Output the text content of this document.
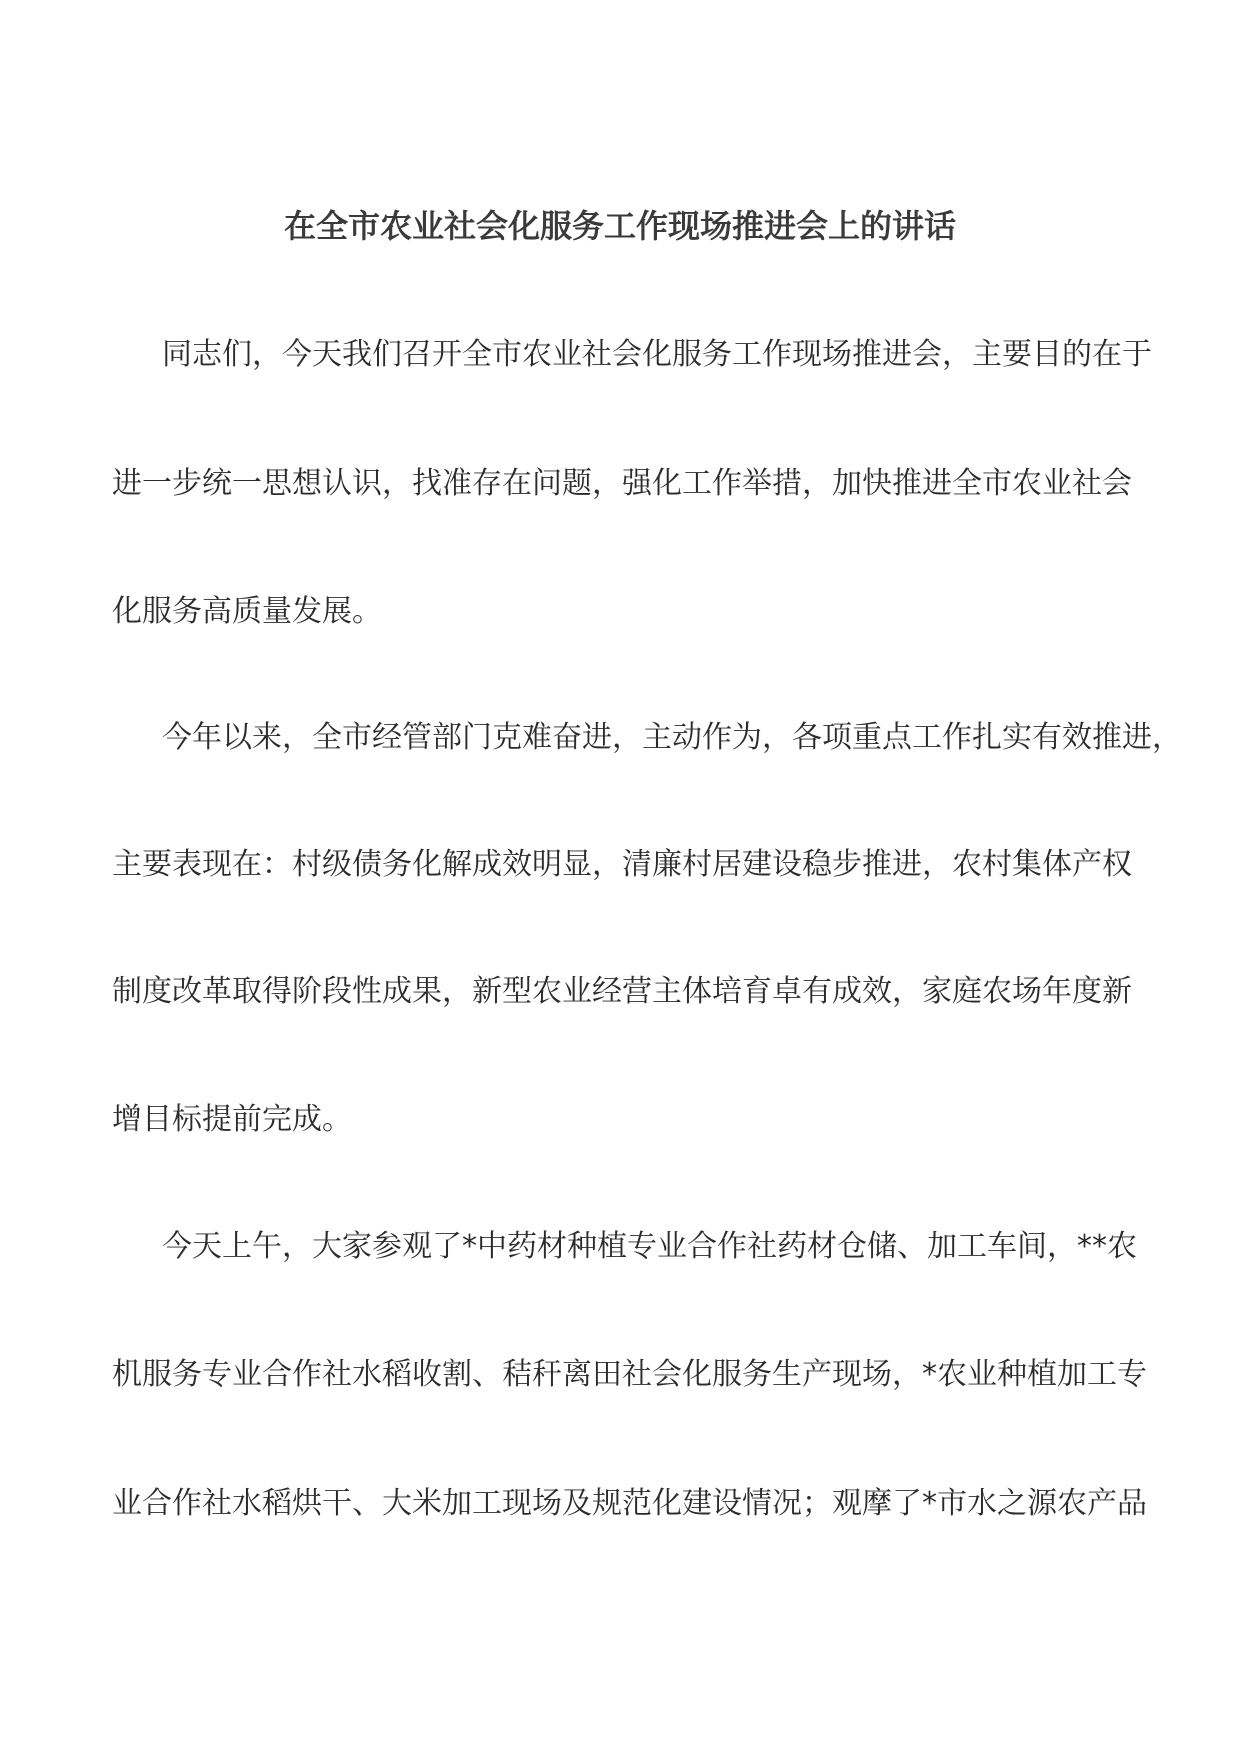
在全市农业社会化服务工作现场推进会上的讲话

同志们，今天我们召开全市农业社会化服务工作现场推进会，主要目的在于

进一步统一思想认识，找准存在问题，强化工作举措，加快推进全市农业社会

化服务高质量发展。

今年以来，全市经管部门克难奋进，主动作为，各项重点工作扎实有效推进，

主要表现在：村级债务化解成效明显，清廉村居建设稳步推进，农村集体产权

制度改革取得阶段性成果，新型农业经营主体培育卓有成效，家庭农场年度新

增目标提前完成。

今天上午，大家参观了*中药材种植专业合作社药材仓储、加工车间，**农

机服务专业合作社水稻收割、秸秆离田社会化服务生产现场，*农业种植加工专

业合作社水稻烘干、大米加工现场及规范化建设情况；观摩了*市水之源农产品
